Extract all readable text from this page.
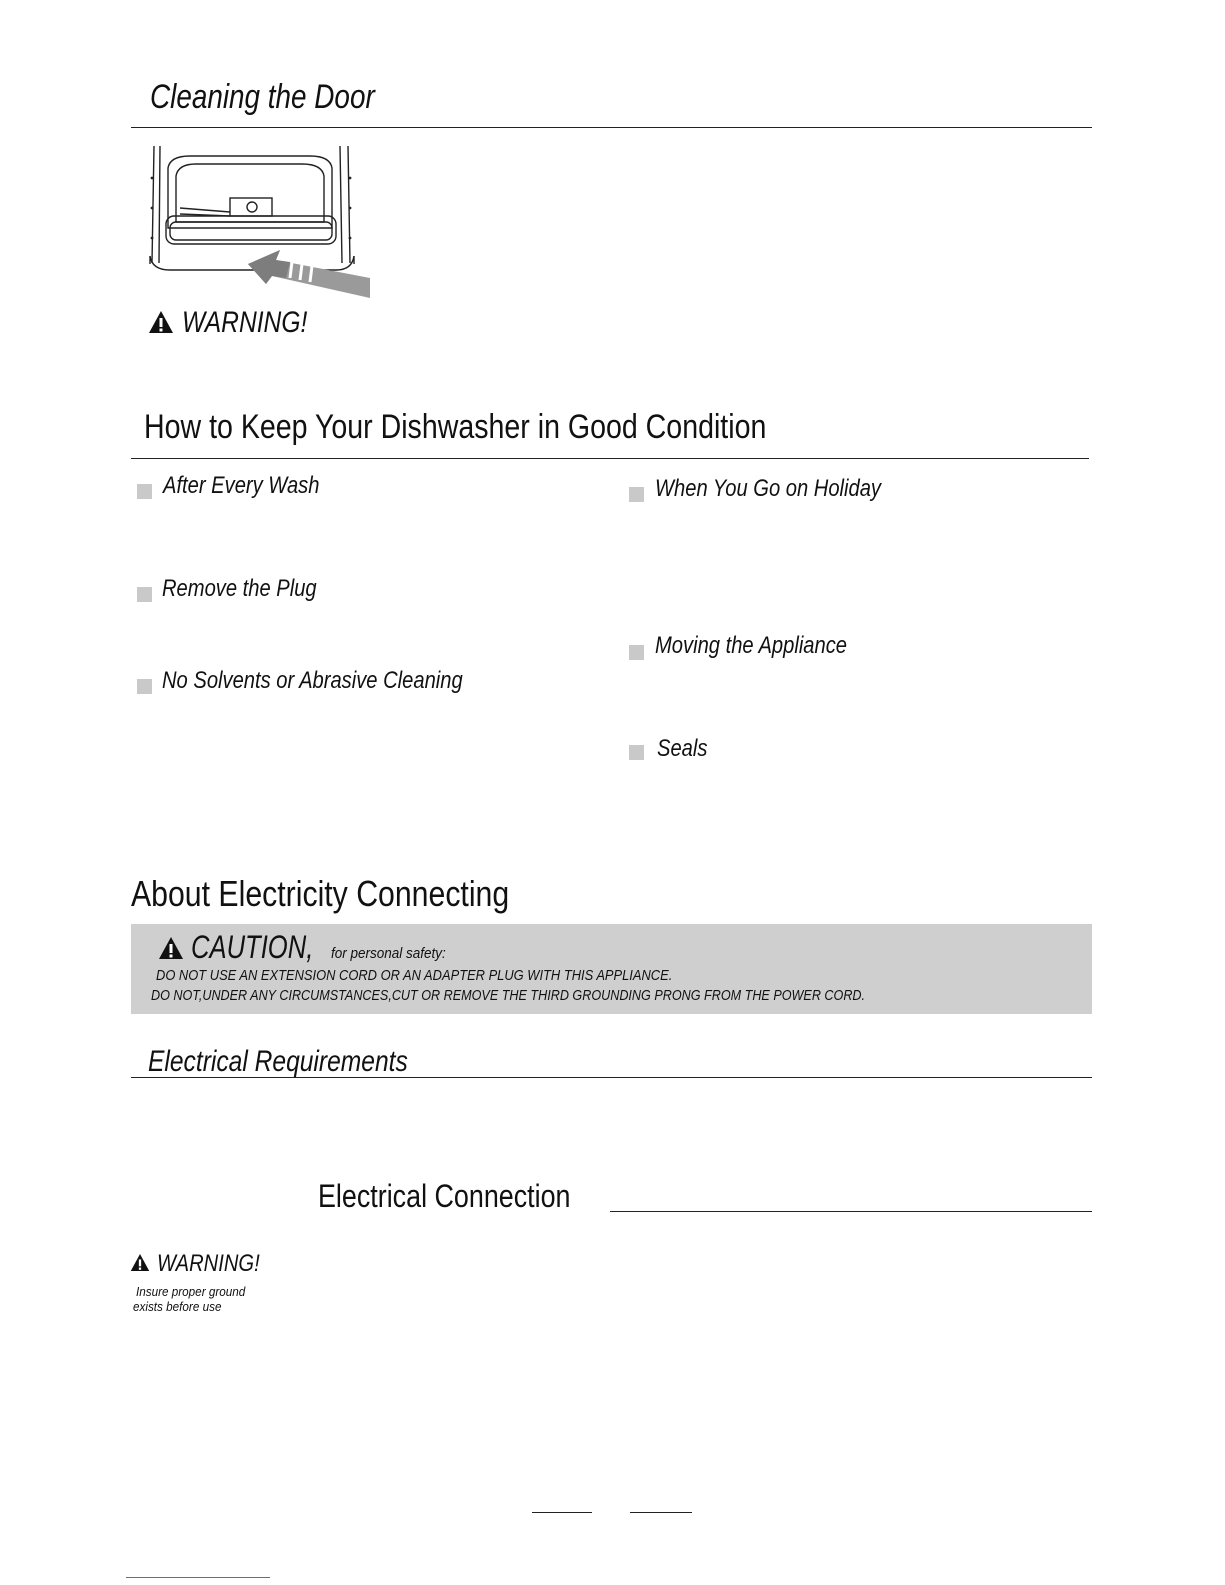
Cleaning the Door
WARNING!
How to Keep Your Dishwasher in Good Condition
After Every Wash
Remove the Plug
No Solvents or Abrasive Cleaning
When You Go on Holiday
Moving the Appliance
Seals
About Electricity Connecting
CAUTION, for personal safety:
DO NOT USE AN EXTENSION CORD OR AN ADAPTER PLUG WITH THIS APPLIANCE.
DO NOT,UNDER ANY CIRCUMSTANCES,CUT OR REMOVE THE THIRD GROUNDING PRONG FROM THE POWER CORD.
Electrical Requirements
Electrical Connection
WARNING!
Insure proper ground
exists before use
